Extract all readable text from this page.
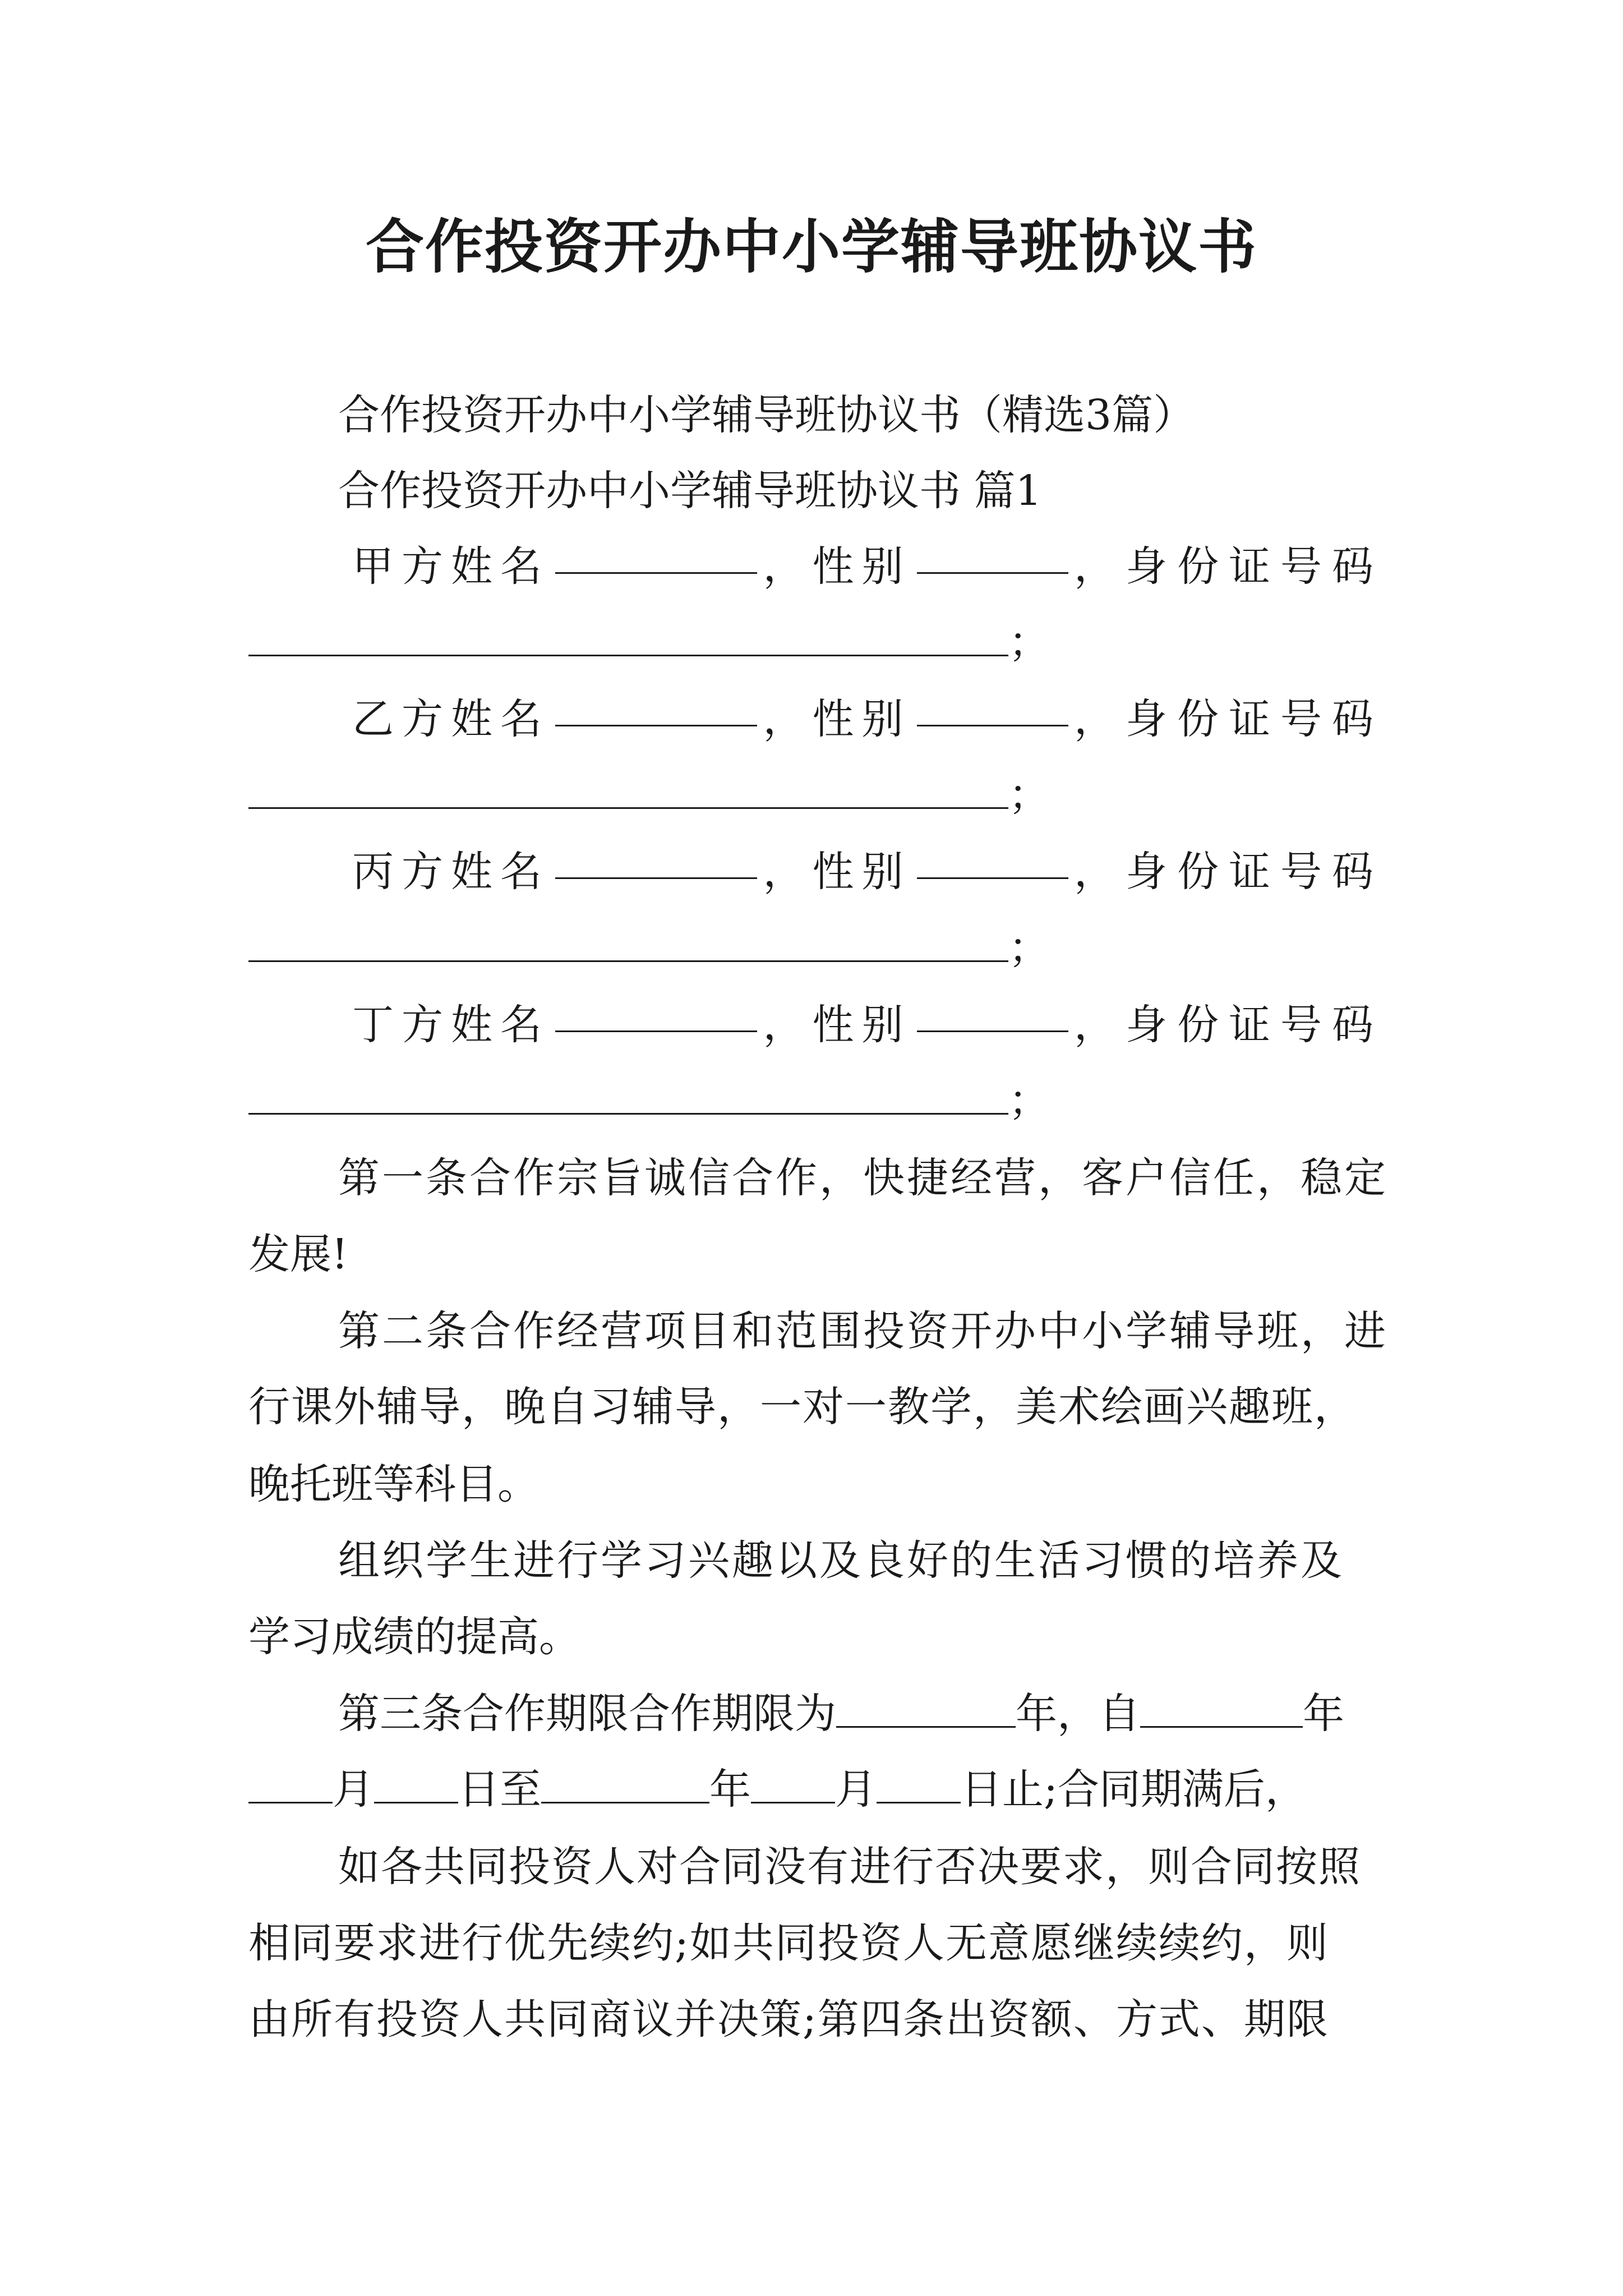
合作投资开办中小学辅导班协议书
合作投资开办中小学辅导班协议书（精选3篇）
合作投资开办中小学辅导班协议书 篇1
甲方姓名	，性别	，身份证号码
；
乙方姓名	，性别	，身份证号码
；
丙方姓名	，性别	，身份证号码
；
丁方姓名	，性别	，身份证号码
；
第一条合作宗旨诚信合作，快捷经营，客户信任，稳定
发展!
第二条合作经营项目和范围投资开办中小学辅导班，进
行课外辅导，晚自习辅导，一对一教学，美术绘画兴趣班，
晚托班等科目。
组织学生进行学习兴趣以及良好的生活习惯的培养及
学习成绩的提高。
第三条合作期限合作期限为	年，自	年
月 日至	年 月 日止;合同期满后，
如各共同投资人对合同没有进行否决要求，则合同按照
相同要求进行优先续约;如共同投资人无意愿继续续约，则
由所有投资人共同商议并决策;第四条出资额、方式、期限
